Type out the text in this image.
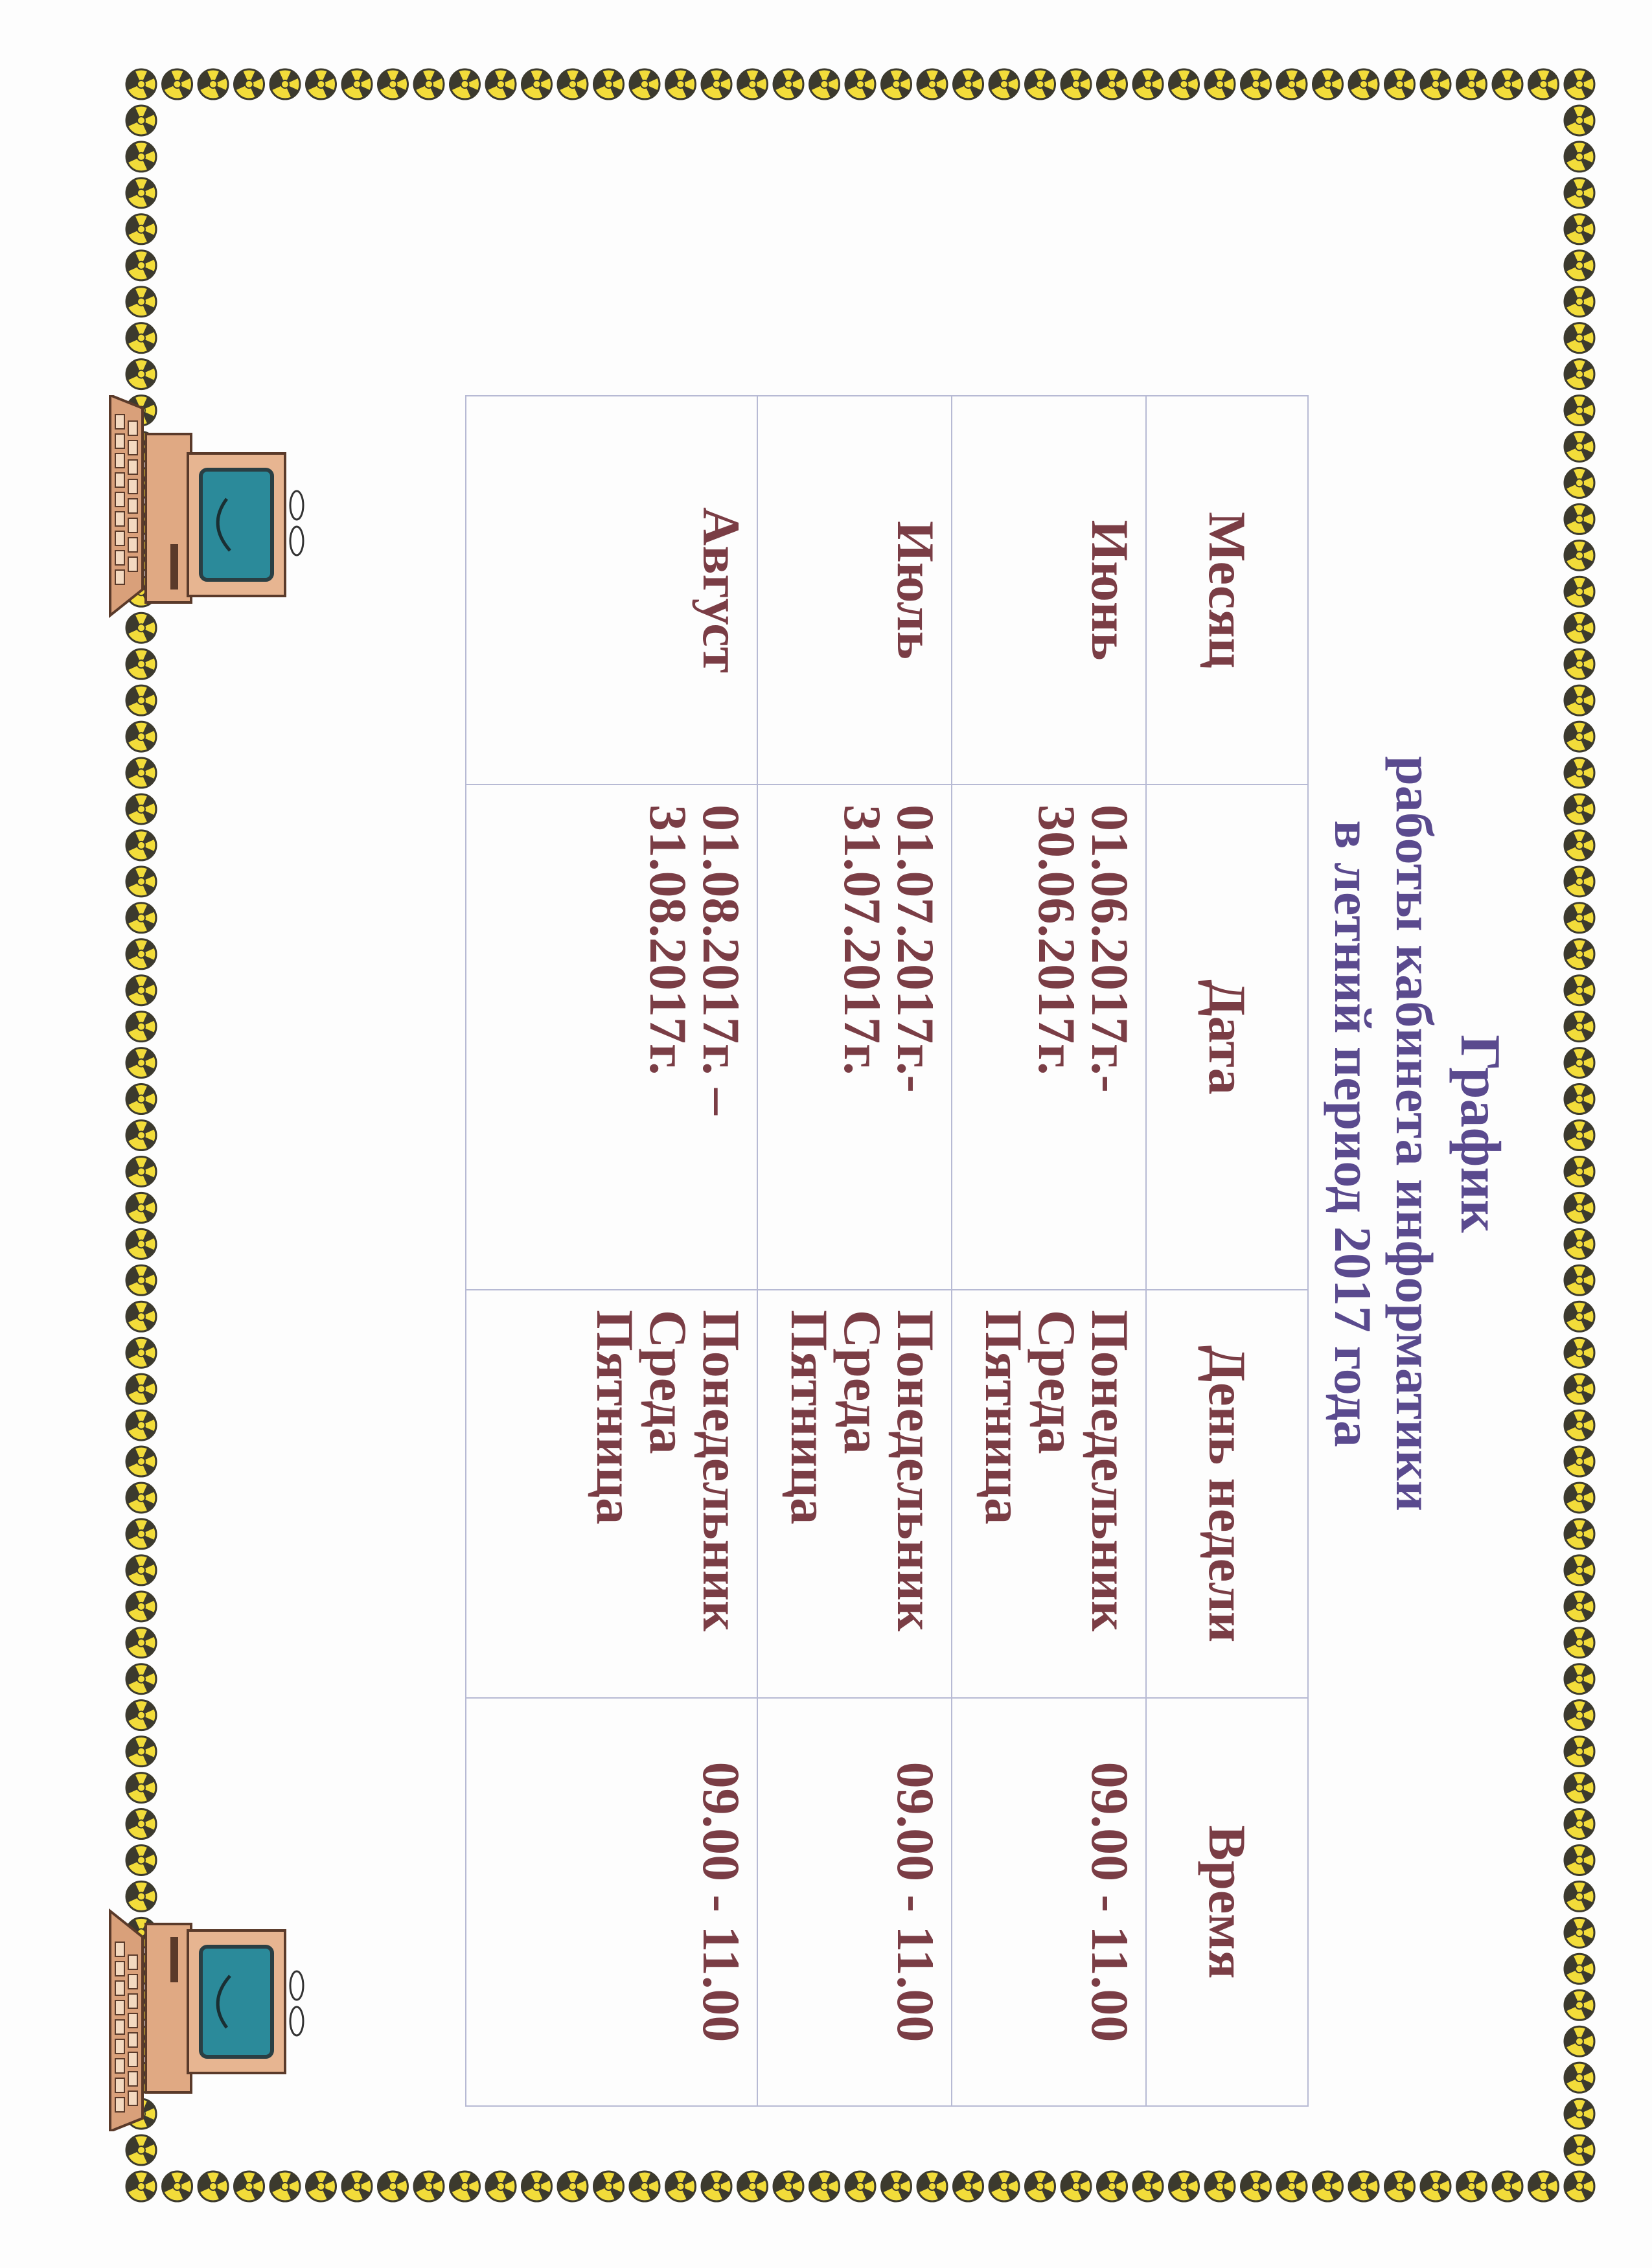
График
работы кабинета информатики
в летний период 2017 года
Месяц	Дата	День недели	Время
Июнь	01.06.2017г.- 30.06.2017г.	Понедельник
Среда
Пятница	09.00 - 11.00
Июль	01.07.2017г.- 31.07.2017г.	Понедельник
Среда
Пятница	09.00 - 11.00
Август	01.08.2017г. – 31.08.2017г.	Понедельник
Среда
Пятница	09.00 - 11.00
